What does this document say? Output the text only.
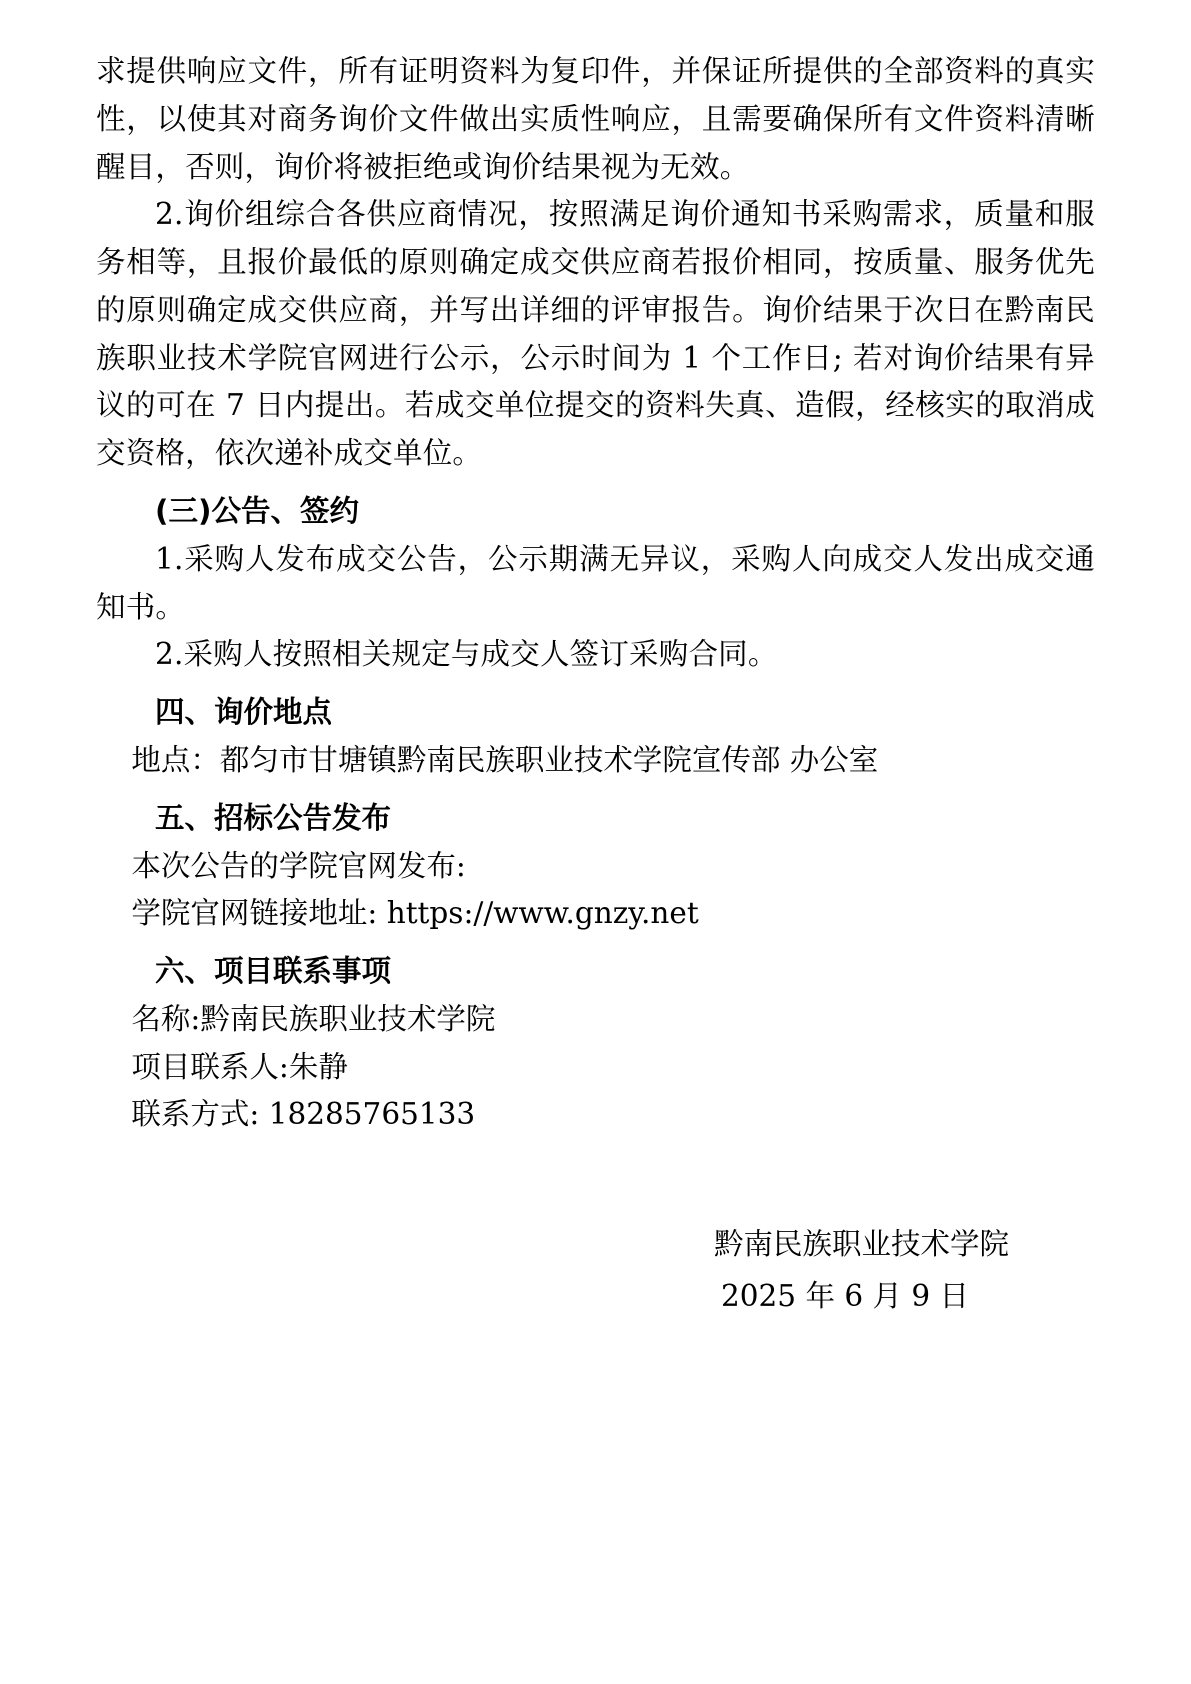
求提供响应文件，所有证明资料为复印件，并保证所提供的全部资料的真实性，以使其对商务询价文件做出实质性响应，且需要确保所有文件资料清晰醒目，否则，询价将被拒绝或询价结果视为无效。

2.询价组综合各供应商情况，按照满足询价通知书采购需求，质量和服务相等，且报价最低的原则确定成交供应商若报价相同，按质量、服务优先的原则确定成交供应商，并写出详细的评审报告。询价结果于次日在黔南民族职业技术学院官网进行公示，公示时间为 1 个工作日; 若对询价结果有异议的可在 7 日内提出。若成交单位提交的资料失真、造假，经核实的取消成交资格，依次递补成交单位。

(三)公告、签约

1.采购人发布成交公告，公示期满无异议，采购人向成交人发出成交通知书。

2.采购人按照相关规定与成交人签订采购合同。

四、询价地点

地点：都匀市甘塘镇黔南民族职业技术学院宣传部 办公室

五、招标公告发布

本次公告的学院官网发布:

学院官网链接地址: https://www.gnzy.net

六、项目联系事项

名称:黔南民族职业技术学院

项目联系人:朱静

联系方式: 18285765133

黔南民族职业技术学院

2025 年 6 月 9 日
